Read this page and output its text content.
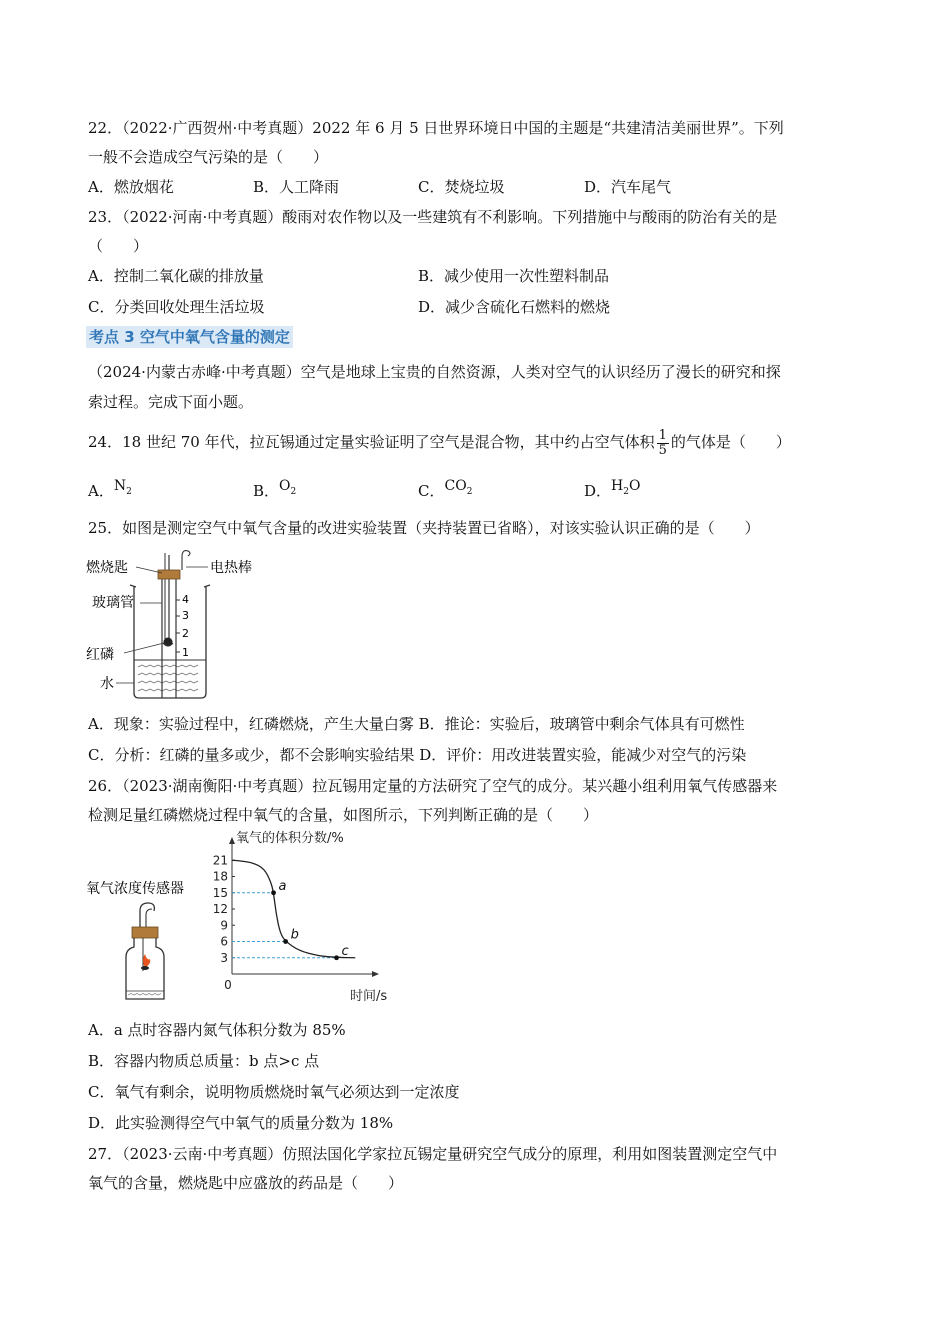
22．（2022·广西贺州·中考真题）2022 年 6 月 5 日世界环境日中国的主题是“共建清洁美丽世界”。下列
一般不会造成空气污染的是（　　）
A．燃放烟花	B．人工降雨	C．焚烧垃圾	D．汽车尾气
23．（2022·河南·中考真题）酸雨对农作物以及一些建筑有不利影响。下列措施中与酸雨的防治有关的是
（　　）
A．控制二氧化碳的排放量	B．减少使用一次性塑料制品
C．分类回收处理生活垃圾	D．减少含硫化石燃料的燃烧
考点 3 空气中氧气含量的测定
（2024·内蒙古赤峰·中考真题）空气是地球上宝贵的自然资源，人类对空气的认识经历了漫长的研究和探
索过程。完成下面小题。
24．18 世纪 70 年代，拉瓦锡通过定量实验证明了空气是混合物，其中约占空气体积 $\frac{1}{5}$ 的气体是（　　）
A．$N_2$	B．$O_2$	C．$CO_2$	D．$H_2O$
25．如图是测定空气中氧气含量的改进实验装置（夹持装置已省略），对该实验认识正确的是（　　）
4
3
2
1
燃烧匙	电热棒
玻璃管
红磷
水
A．现象：实验过程中，红磷燃烧，产生大量白雾 B．推论：实验后，玻璃管中剩余气体具有可燃性
C．分析：红磷的量多或少，都不会影响实验结果 D．评价：用改进装置实验，能减少对空气的污染
26．（2023·湖南衡阳·中考真题）拉瓦锡用定量的方法研究了空气的成分。某兴趣小组利用氧气传感器来
检测足量红磷燃烧过程中氧气的含量，如图所示，下列判断正确的是（　　）
氧气浓度传感器
21
18
15
12
9
6
3
0
a
b
c
氧气的体积分数/%
时间/s
A．a 点时容器内氮气体积分数为 85%
B．容器内物质总质量：b 点>c 点
C．氧气有剩余，说明物质燃烧时氧气必须达到一定浓度
D．此实验测得空气中氧气的质量分数为 18%
27．（2023·云南·中考真题）仿照法国化学家拉瓦锡定量研究空气成分的原理，利用如图装置测定空气中
氧气的含量，燃烧匙中应盛放的药品是（　　）
